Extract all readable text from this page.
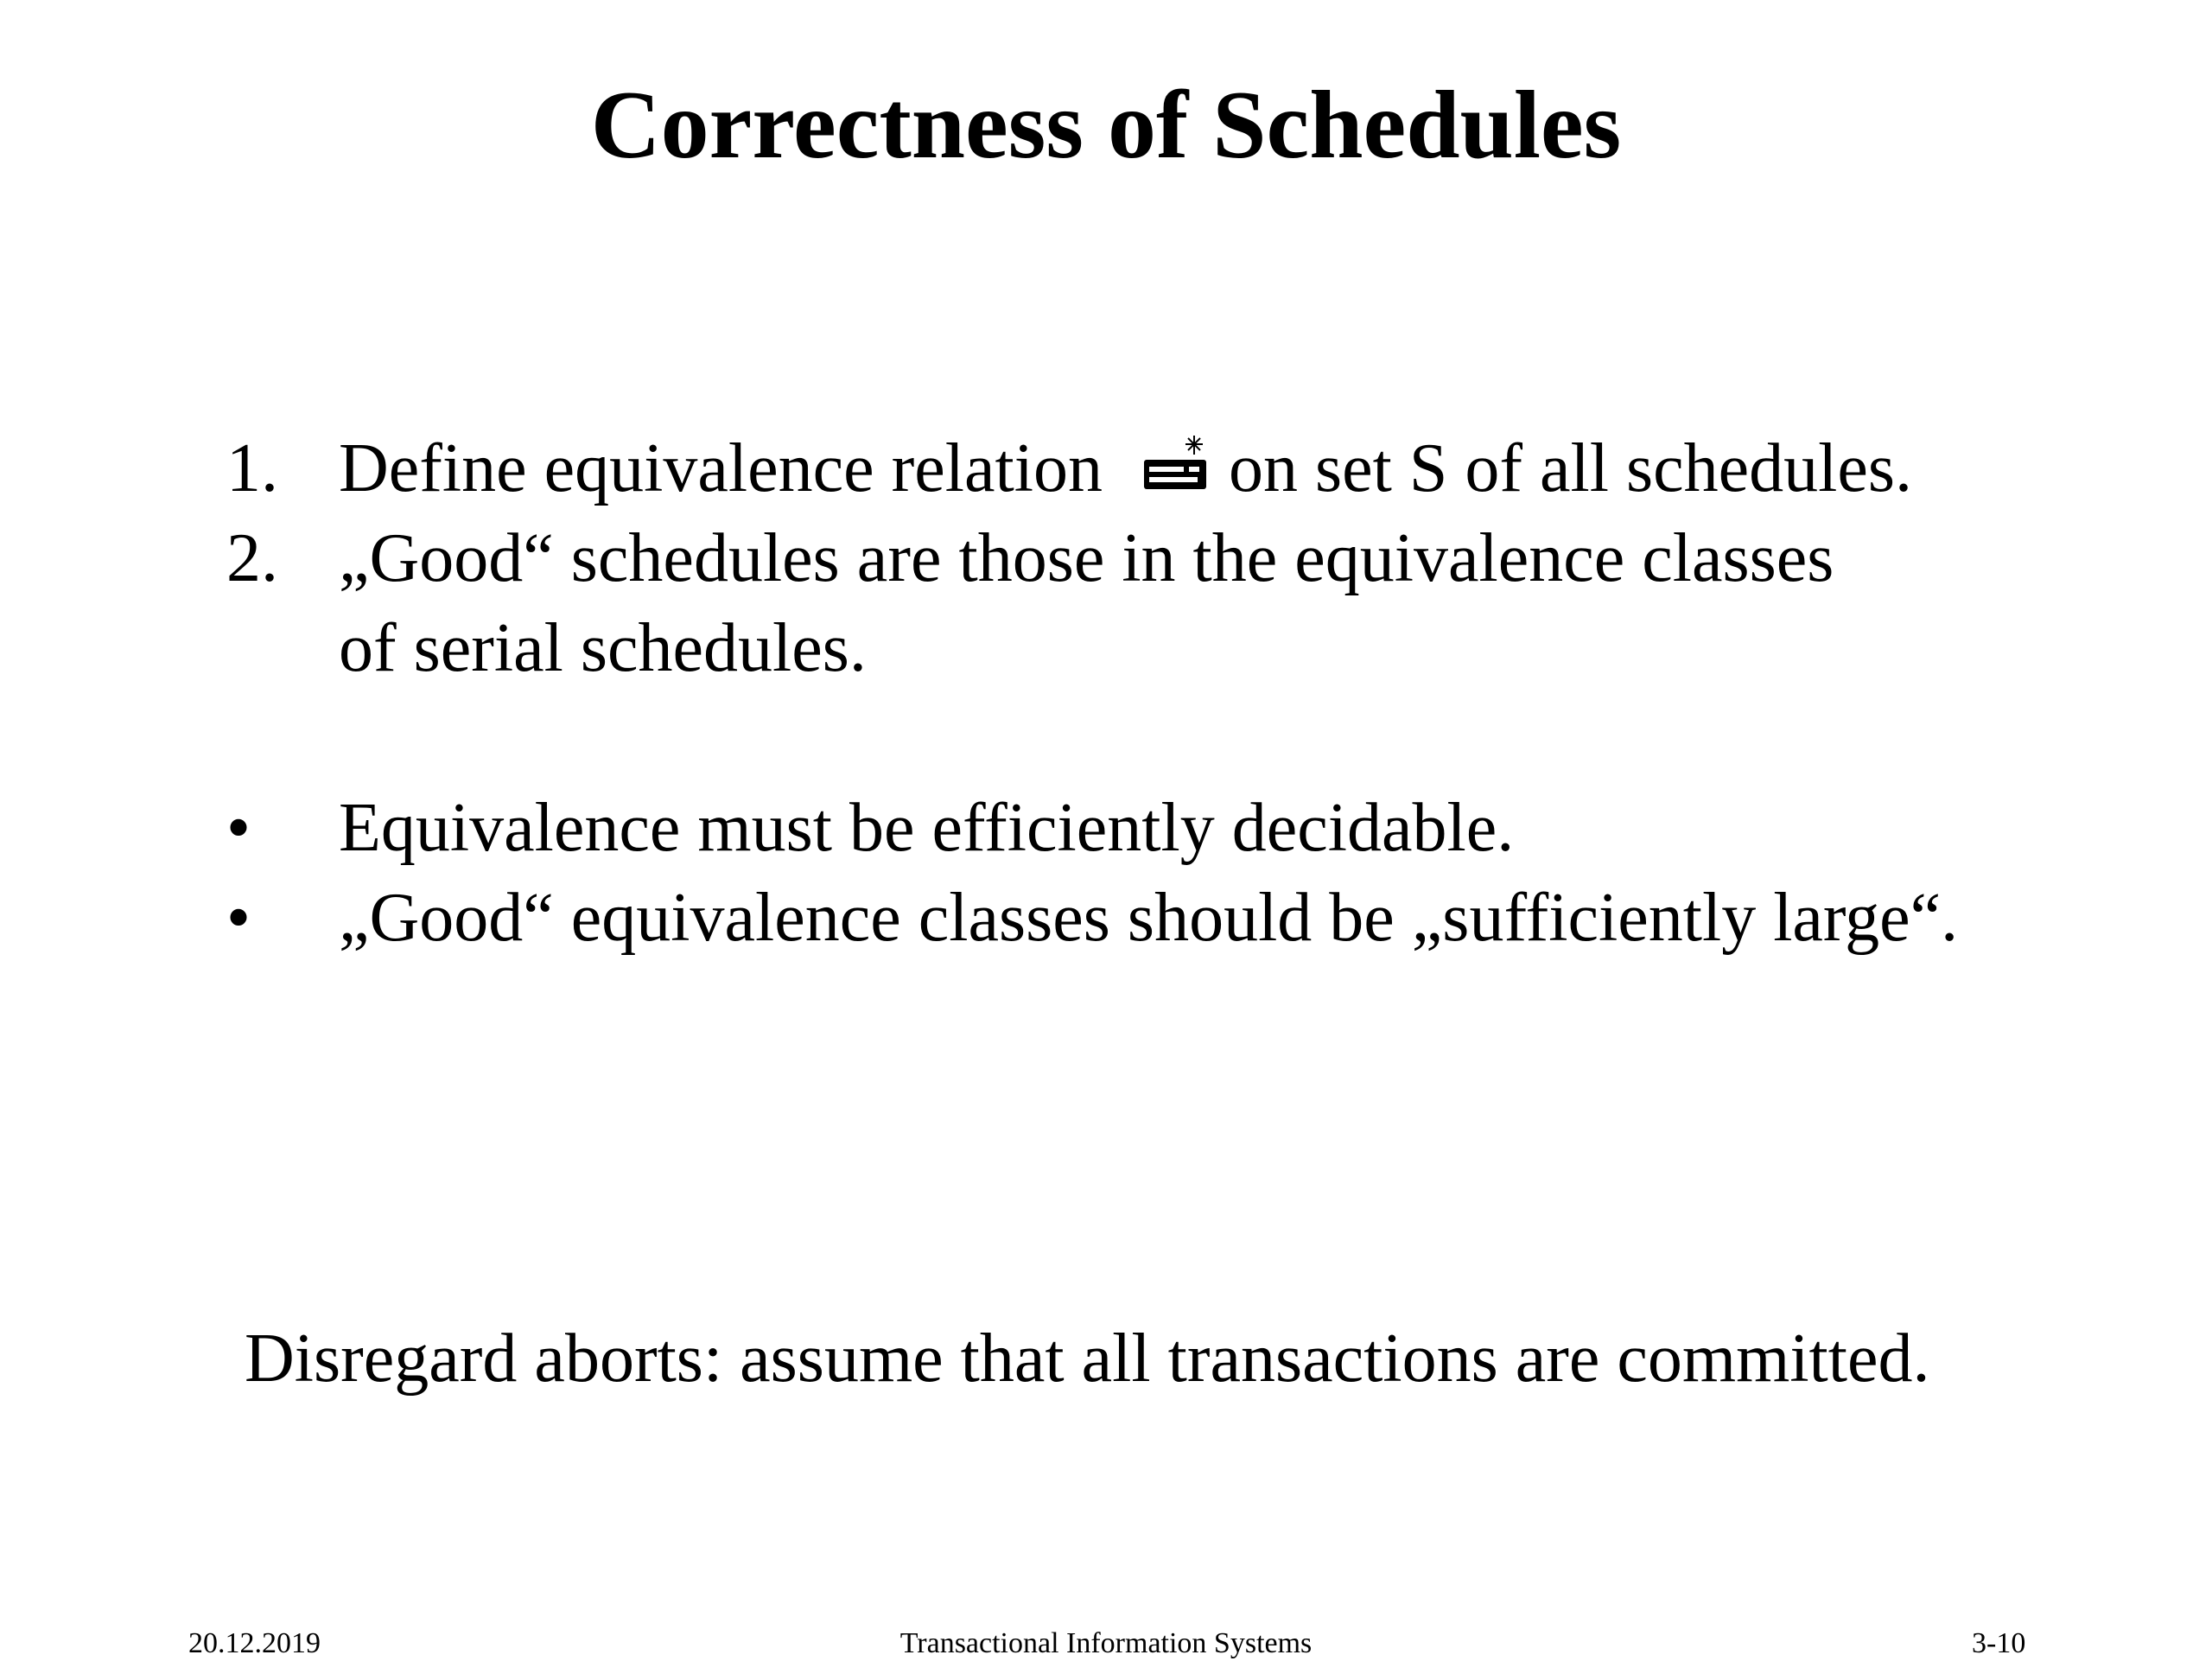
Correctness of Schedules
1. Define equivalence relation on set S of all schedules.
2. „Good“ schedules are those in the equivalence classes
of serial schedules.
• Equivalence must be efficiently decidable.
• „Good“ equivalence classes should be „sufficiently large“.
Disregard aborts: assume that all transactions are committed.
20.12.2019	Transactional Information Systems	3-10
